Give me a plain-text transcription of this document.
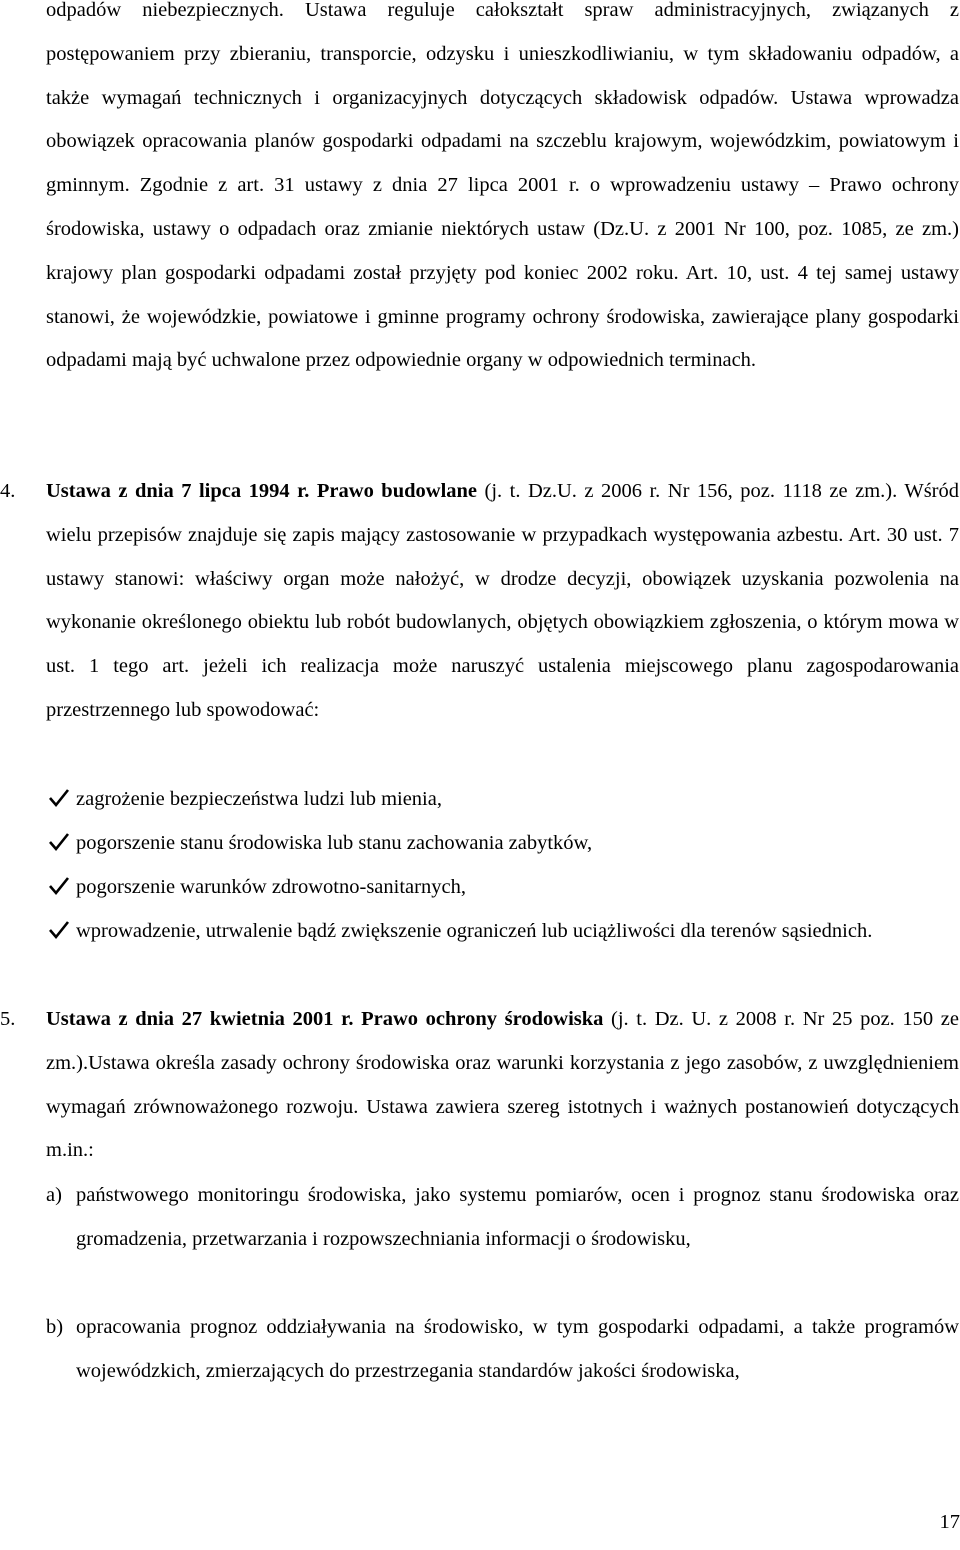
odpadów niebezpiecznych. Ustawa reguluje całokształt spraw administracyjnych, związanych z postępowaniem przy zbieraniu, transporcie, odzysku i unieszkodliwianiu, w tym składowaniu odpadów, a także wymagań technicznych i organizacyjnych dotyczących składowisk odpadów. Ustawa wprowadza obowiązek opracowania planów gospodarki odpadami na szczeblu krajowym, wojewódzkim, powiatowym i gminnym. Zgodnie z art. 31 ustawy z dnia 27 lipca 2001 r. o wprowadzeniu ustawy – Prawo ochrony środowiska, ustawy o odpadach oraz zmianie niektórych ustaw (Dz.U. z 2001 Nr 100, poz. 1085, ze zm.) krajowy plan gospodarki odpadami został przyjęty pod koniec 2002 roku. Art. 10, ust. 4 tej samej ustawy stanowi, że wojewódzkie, powiatowe i gminne programy ochrony środowiska, zawierające plany gospodarki odpadami mają być uchwalone przez odpowiednie organy w odpowiednich terminach.
4.	Ustawa z dnia 7 lipca 1994 r. Prawo budowlane (j. t. Dz.U. z 2006 r. Nr 156, poz. 1118 ze zm.). Wśród wielu przepisów znajduje się zapis mający zastosowanie w przypadkach występowania azbestu. Art. 30 ust. 7 ustawy stanowi: właściwy organ może nałożyć, w drodze decyzji, obowiązek uzyskania pozwolenia na wykonanie określonego obiektu lub robót budowlanych, objętych obowiązkiem zgłoszenia, o którym mowa w ust. 1 tego art. jeżeli ich realizacja może naruszyć ustalenia miejscowego planu zagospodarowania przestrzennego lub spowodować:
zagrożenie bezpieczeństwa ludzi lub mienia,
pogorszenie stanu środowiska lub stanu zachowania zabytków,
pogorszenie warunków zdrowotno-sanitarnych,
wprowadzenie, utrwalenie bądź zwiększenie ograniczeń lub uciążliwości dla terenów sąsiednich.
5.	Ustawa z dnia 27 kwietnia 2001 r. Prawo ochrony środowiska (j. t. Dz. U. z 2008 r. Nr 25 poz. 150 ze zm.).Ustawa określa zasady ochrony środowiska oraz warunki korzystania z jego zasobów, z uwzględnieniem wymagań zrównoważonego rozwoju. Ustawa zawiera szereg istotnych i ważnych postanowień dotyczących m.in.:
a) państwowego monitoringu środowiska, jako systemu pomiarów, ocen i prognoz stanu środowiska oraz gromadzenia, przetwarzania i rozpowszechniania informacji o środowisku,
b) opracowania prognoz oddziaływania na środowisko, w tym gospodarki odpadami, a także programów wojewódzkich, zmierzających do przestrzegania standardów jakości środowiska,
17
